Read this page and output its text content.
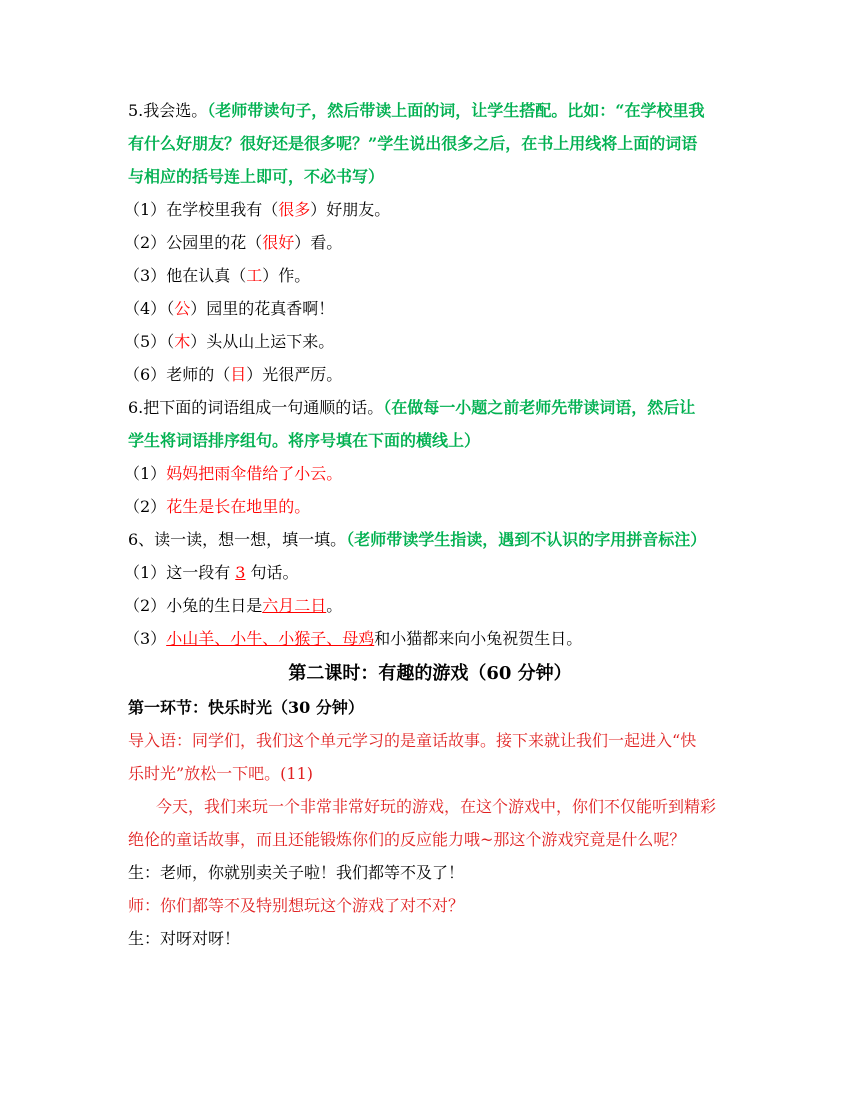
5.我会选。（老师带读句子，然后带读上面的词，让学生搭配。比如：“在学校里我
有什么好朋友？很好还是很多呢？”学生说出很多之后，在书上用线将上面的词语
与相应的括号连上即可，不必书写）
（1）在学校里我有（很多）好朋友。
（2）公园里的花（很好）看。
（3）他在认真（工）作。
（4）（公）园里的花真香啊！
（5）（木）头从山上运下来。
（6）老师的（目）光很严厉。
6.把下面的词语组成一句通顺的话。（在做每一小题之前老师先带读词语，然后让
学生将词语排序组句。将序号填在下面的横线上）
（1）妈妈把雨伞借给了小云。
（2）花生是长在地里的。
6、读一读，想一想，填一填。（老师带读学生指读，遇到不认识的字用拼音标注）
（1）这一段有 3 句话。
（2）小兔的生日是六月二日。
（3）小山羊、小牛、小猴子、母鸡和小猫都来向小兔祝贺生日。
第二课时：有趣的游戏（60 分钟）
第一环节：快乐时光（30 分钟）
导入语：同学们，我们这个单元学习的是童话故事。接下来就让我们一起进入“快
乐时光”放松一下吧。(11)
今天，我们来玩一个非常非常好玩的游戏，在这个游戏中，你们不仅能听到精彩
绝伦的童话故事，而且还能锻炼你们的反应能力哦~那这个游戏究竟是什么呢？
生：老师，你就别卖关子啦！我们都等不及了！
师：你们都等不及特别想玩这个游戏了对不对？
生：对呀对呀！
